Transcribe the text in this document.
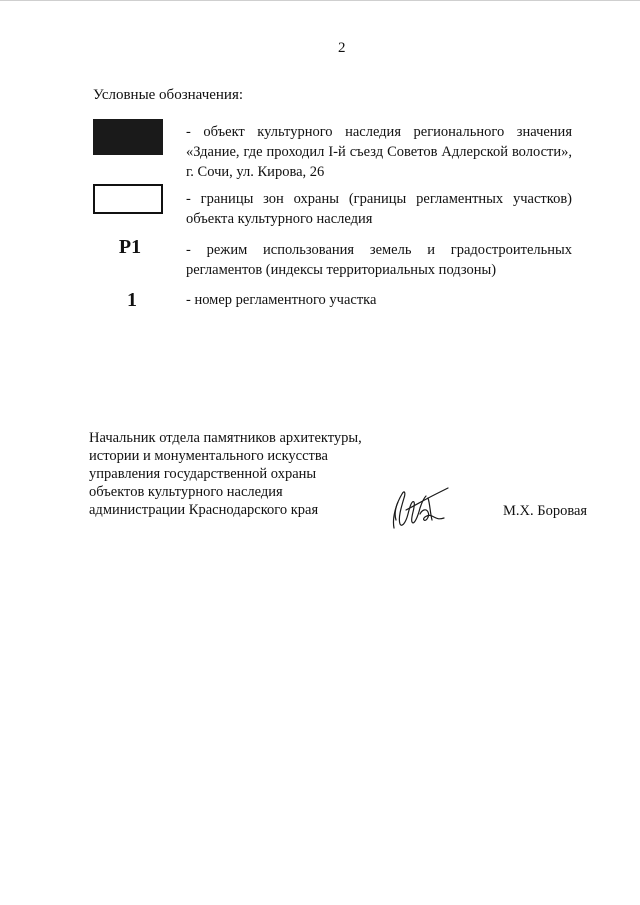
2
Условные обозначения:
- объект культурного наследия регионального значения «Здание, где проходил I-й съезд Советов Адлерской волости», г. Сочи, ул. Кирова, 26
- границы зон охраны (границы регламентных участков) объекта культурного наследия
Р1	- режим использования земель и градостроительных регламентов (индексы территориальных подзоны)
1	- номер регламентного участка
Начальник отдела памятников архитектуры,
истории и монументального искусства
управления государственной охраны
объектов культурного наследия
администрации Краснодарского края	М.Х. Боровая
